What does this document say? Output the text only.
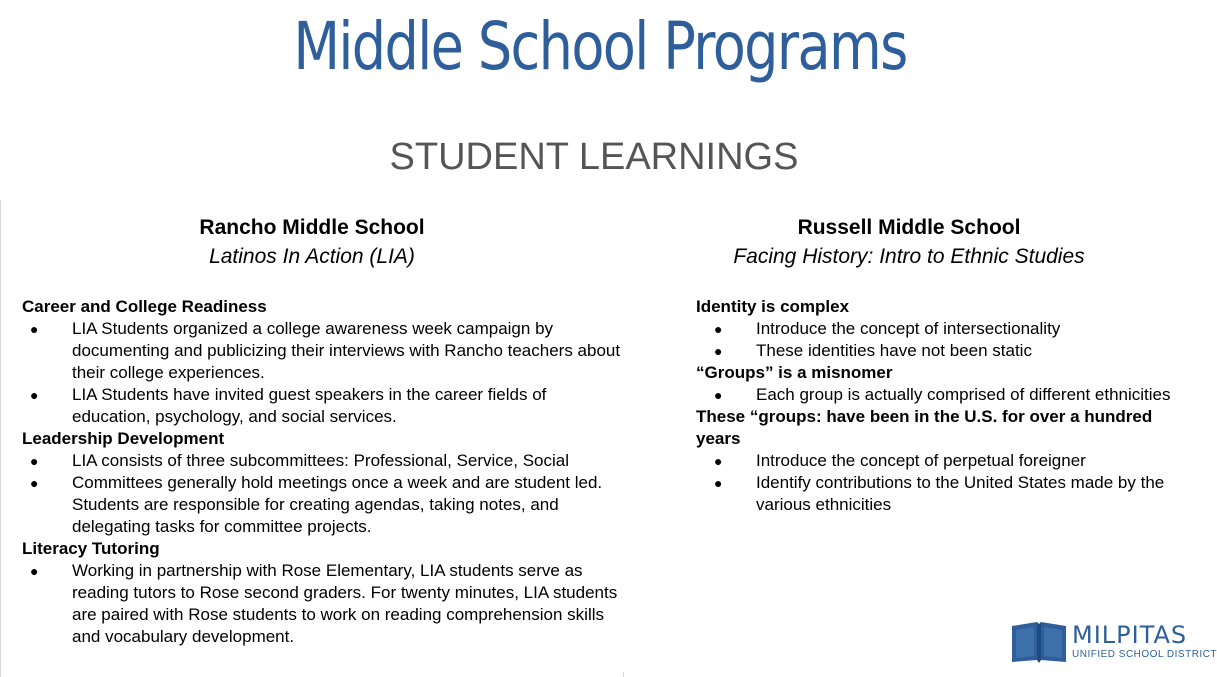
Middle School Programs
STUDENT LEARNINGS
Rancho Middle School
Latinos In Action (LIA)
Career and College Readiness
● LIA Students organized a college awareness week campaign by documenting and publicizing their interviews with Rancho teachers about their college experiences.
● LIA Students have invited guest speakers in the career fields of education, psychology, and social services.
Leadership Development
● LIA consists of three subcommittees: Professional, Service, Social
● Committees generally hold meetings once a week and are student led. Students are responsible for creating agendas, taking notes, and delegating tasks for committee projects.
Literacy Tutoring
● Working in partnership with Rose Elementary, LIA students serve as reading tutors to Rose second graders. For twenty minutes, LIA students are paired with Rose students to work on reading comprehension skills and vocabulary development.
Russell Middle School
Facing History: Intro to Ethnic Studies
Identity is complex
● Introduce the concept of intersectionality
● These identities have not been static
“Groups” is a misnomer
● Each group is actually comprised of different ethnicities
These “groups: have been in the U.S. for over a hundred years
● Introduce the concept of perpetual foreigner
● Identify contributions to the United States made by the various ethnicities
MILPITAS
UNIFIED SCHOOL DISTRICT
